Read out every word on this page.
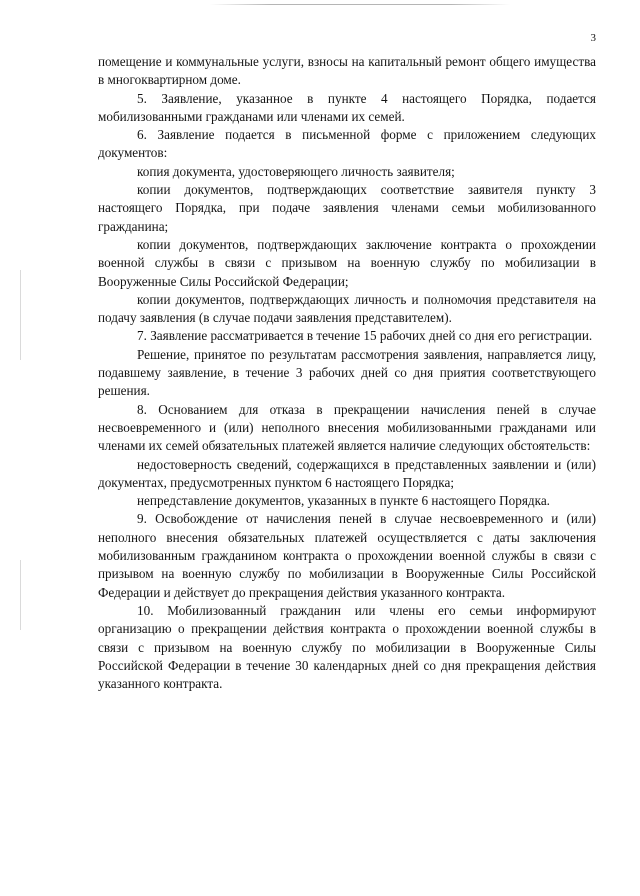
3

помещение и коммунальные услуги, взносы на капитальный ремонт общего имущества в многоквартирном доме.

5. Заявление, указанное в пункте 4 настоящего Порядка, подается мобилизованными гражданами или членами их семей.

6. Заявление подается в письменной форме с приложением следующих документов:

копия документа, удостоверяющего личность заявителя;

копии документов, подтверждающих соответствие заявителя пункту 3 настоящего Порядка, при подаче заявления членами семьи мобилизованного гражданина;

копии документов, подтверждающих заключение контракта о прохождении военной службы в связи с призывом на военную службу по мобилизации в Вооруженные Силы Российской Федерации;

копии документов, подтверждающих личность и полномочия представителя на подачу заявления (в случае подачи заявления представителем).

7. Заявление рассматривается в течение 15 рабочих дней со дня его регистрации.

Решение, принятое по результатам рассмотрения заявления, направляется лицу, подавшему заявление, в течение 3 рабочих дней со дня приятия соответствующего решения.

8. Основанием для отказа в прекращении начисления пеней в случае несвоевременного и (или) неполного внесения мобилизованными гражданами или членами их семей обязательных платежей является наличие следующих обстоятельств:

недостоверность сведений, содержащихся в представленных заявлении и (или) документах, предусмотренных пунктом 6 настоящего Порядка;

непредставление документов, указанных в пункте 6 настоящего Порядка.

9. Освобождение от начисления пеней в случае несвоевременного и (или) неполного внесения обязательных платежей осуществляется с даты заключения мобилизованным гражданином контракта о прохождении военной службы в связи с призывом на военную службу по мобилизации в Вооруженные Силы Российской Федерации и действует до прекращения действия указанного контракта.

10. Мобилизованный гражданин или члены его семьи информируют организацию о прекращении действия контракта о прохождении военной службы в связи с призывом на военную службу по мобилизации в Вооруженные Силы Российской Федерации в течение 30 календарных дней со дня прекращения действия указанного контракта.
